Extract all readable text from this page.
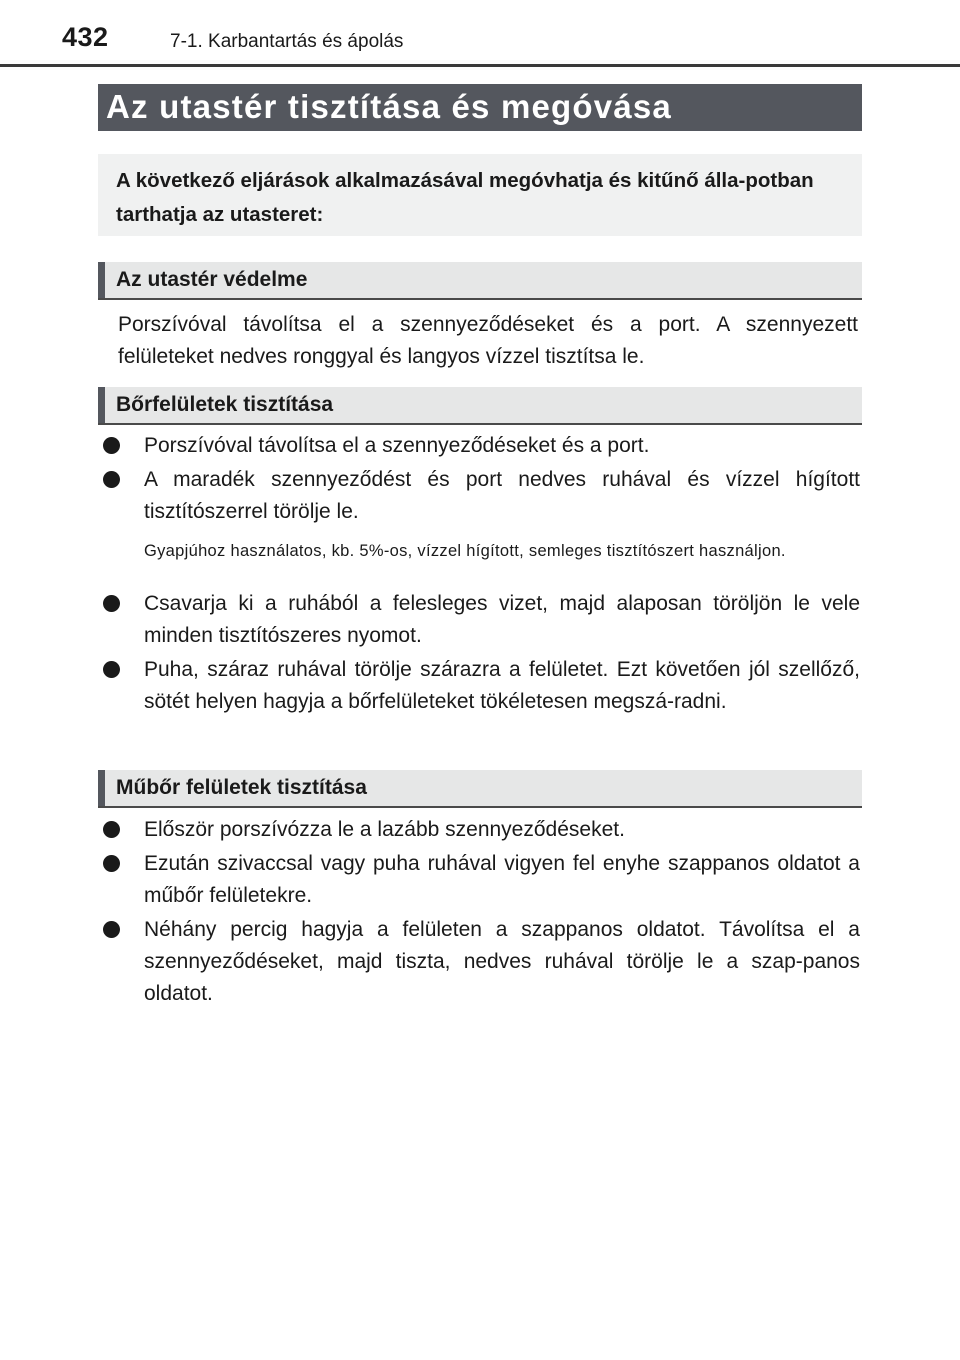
432	7-1. Karbantartás és ápolás
Az utastér tisztítása és megóvása

A következő eljárások alkalmazásával megóvhatja és kitűnő álla-potban tarthatja az utasteret:

Az utastér védelme

Porszívóval távolítsa el a szennyeződéseket és a port. A szennyezett felületeket nedves ronggyal és langyos vízzel tisztítsa le.

Bőrfelületek tisztítása
Porszívóval távolítsa el a szennyeződéseket és a port.
A maradék szennyeződést és port nedves ruhával és vízzel hígított tisztítószerrel törölje le.

Gyapjúhoz használatos, kb. 5%-os, vízzel hígított, semleges tisztítószert használjon.

Csavarja ki a ruhából a felesleges vizet, majd alaposan töröljön le vele minden tisztítószeres nyomot.
Puha, száraz ruhával törölje szárazra a felületet. Ezt követően jól szellőző, sötét helyen hagyja a bőrfelületeket tökéletesen megszá-radni.
Műbőr felületek tisztítása
Először porszívózza le a lazább szennyeződéseket.
Ezután szivaccsal vagy puha ruhával vigyen fel enyhe szappanos oldatot a műbőr felületekre.
Néhány percig hagyja a felületen a szappanos oldatot. Távolítsa el a szennyeződéseket, majd tiszta, nedves ruhával törölje le a szap-panos oldatot.
